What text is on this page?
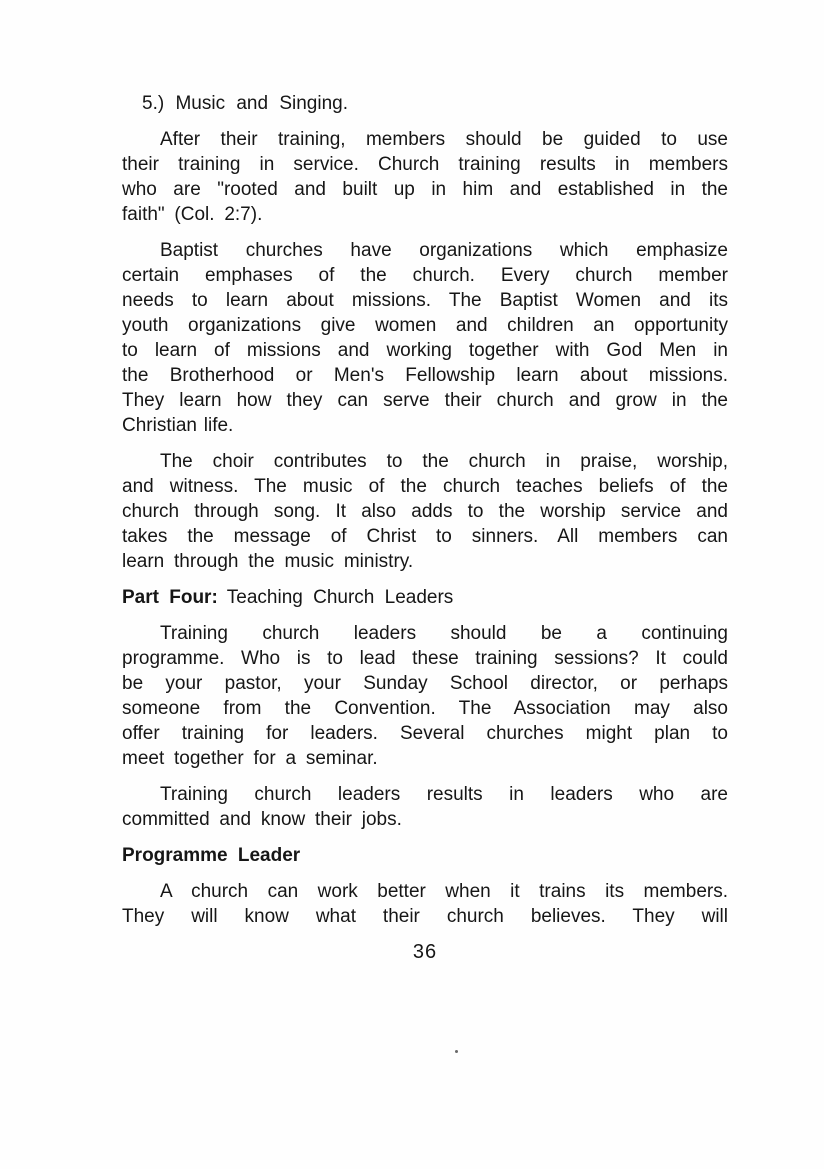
5.) Music and Singing.
After their training, members should be guided to use
their training in service. Church training results in members
who are "rooted and built up in him and established in the
faith" (Col. 2:7).
Baptist churches have organizations which emphasize
certain emphases of the church. Every church member
needs to learn about missions. The Baptist Women and its
youth organizations give women and children an opportunity
to learn of missions and working together with God Men in
the Brotherhood or Men's Fellowship learn about missions.
They learn how they can serve their church and grow in the
Christian life.
The choir contributes to the church in praise, worship,
and witness. The music of the church teaches beliefs of the
church through song. It also adds to the worship service and
takes the message of Christ to sinners. All members can
learn through the music ministry.
Part Four: Teaching Church Leaders
Training church leaders should be a continuing
programme. Who is to lead these training sessions? It could
be your pastor, your Sunday School director, or perhaps
someone from the Convention. The Association may also
offer training for leaders. Several churches might plan to
meet together for a seminar.
Training church leaders results in leaders who are
committed and know their jobs.
Programme Leader
A church can work better when it trains its members.
They will know what their church believes. They will
36
